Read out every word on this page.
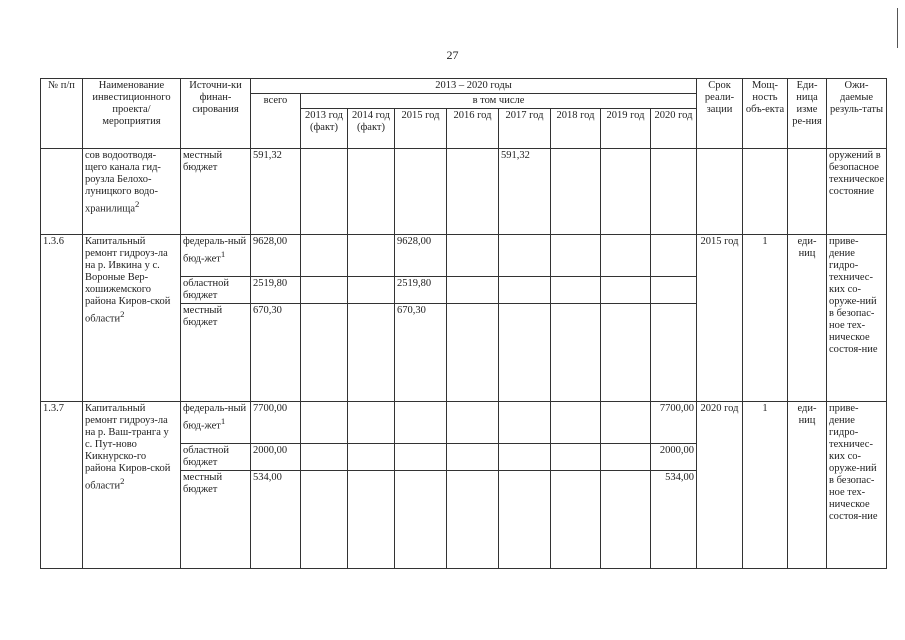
27
№ п/п	Наименование инвестиционного проекта/ мероприятия	Источни-ки финан-сирования	2013 – 2020 годы									Срок реали-зации	Мощ-ность объ-екта	Еди-ница изме ре-ния	Ожи-даемые резуль-таты
			всего	в том числе											
				2013 год (факт)	2014 год (факт)	2015 год	2016 год	2017 год	2018 год	2019 год	2020 год				
	сов водоотводя-щего канала гид-роузла Белохо-луницкого водо-хранилища$^2$	местный бюджет	591,32					591,32							оружений в безопасное техническое состояние
1.3.6	Капитальный ремонт гидроуз-ла на р. Ивкина у с. Вороные Вер-хошижемского района Киров-ской области$^2$	федераль-ный бюд-жет$^1$	9628,00			9628,00						2015 год	1	еди-ниц	приве-дение гидро-техничес-ких со-оруже-ний в безопас-ное тех-ническое состоя-ние
		областной бюджет	2519,80			2519,80									
		местный бюджет	670,30			670,30									
1.3.7	Капитальный ремонт гидроуз-ла на р. Ваш-транга у с. Пут-ново Кикнурско-го района Киров-ской области$^2$	федераль-ный бюд-жет$^1$	7700,00								7700,00	2020 год	1	еди-ниц	приве-дение гидро-техничес-ких со-оруже-ний в безопас-ное тех-ническое состоя-ние
		областной бюджет	2000,00								2000,00				
		местный бюджет	534,00								534,00				
